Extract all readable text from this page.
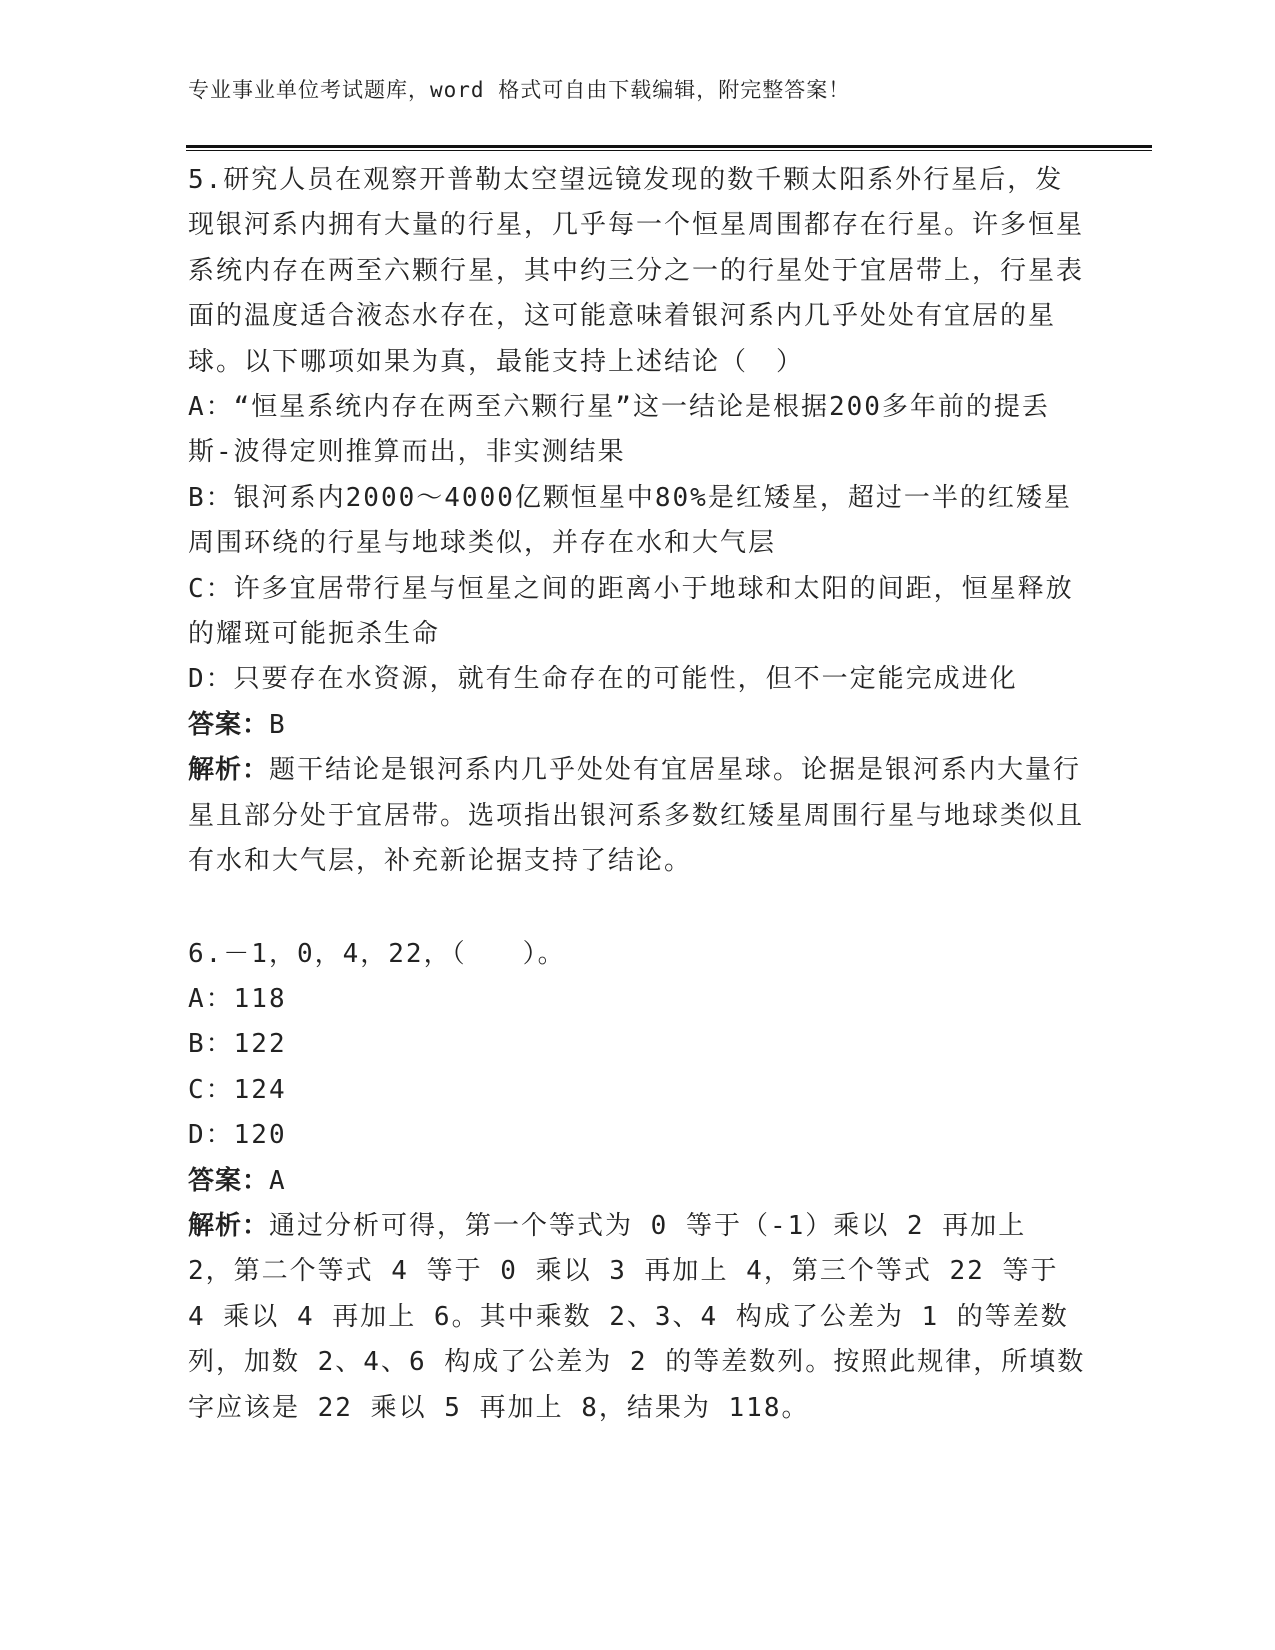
专业事业单位考试题库，word 格式可自由下载编辑，附完整答案！

5.研究人员在观察开普勒太空望远镜发现的数千颗太阳系外行星后，发现银河系内拥有大量的行星，几乎每一个恒星周围都存在行星。许多恒星系统内存在两至六颗行星，其中约三分之一的行星处于宜居带上，行星表面的温度适合液态水存在，这可能意味着银河系内几乎处处有宜居的星球。以下哪项如果为真，最能支持上述结论（　）

A：“恒星系统内存在两至六颗行星”这一结论是根据200多年前的提丢斯-波得定则推算而出，非实测结果

B：银河系内2000～4000亿颗恒星中80%是红矮星，超过一半的红矮星周围环绕的行星与地球类似，并存在水和大气层

C：许多宜居带行星与恒星之间的距离小于地球和太阳的间距，恒星释放的耀斑可能扼杀生命

D：只要存在水资源，就有生命存在的可能性，但不一定能完成进化

答案：B

解析：题干结论是银河系内几乎处处有宜居星球。论据是银河系内大量行星且部分处于宜居带。选项指出银河系多数红矮星周围行星与地球类似且有水和大气层，补充新论据支持了结论。

6.－1，0，4，22，（　　）。

A：118

B：122

C：124

D：120

答案：A

解析：通过分析可得，第一个等式为 0 等于（-1）乘以 2 再加上 2，第二个等式 4 等于 0 乘以 3 再加上 4，第三个等式 22 等于 4 乘以 4 再加上 6。其中乘数 2、3、4 构成了公差为 1 的等差数列，加数 2、4、6 构成了公差为 2 的等差数列。按照此规律，所填数字应该是 22 乘以 5 再加上 8，结果为 118。
